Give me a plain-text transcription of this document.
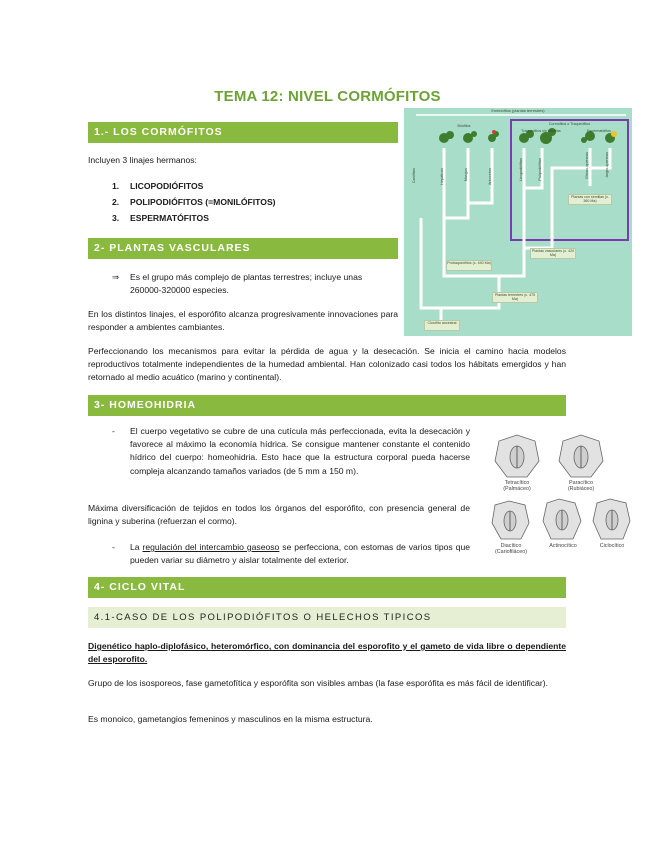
TEMA 12: NIVEL CORMÓFITOS
1.- LOS CORMÓFITOS
Incluyen 3 linajes hermanos:
1. LICOPODIÓFITOS
2. POLIPODIÓFITOS (=MONILÓFITOS)
3. ESPERMATÓFITOS
2- PLANTAS VASCULARES
⇒ Es el grupo más complejo de plantas terrestres; incluye unas
260000-320000 especies.
En los distintos linajes, el esporófito alcanza progresivamente innovaciones para responder a ambientes cambiantes.
Perfeccionando los mecanismos para evitar la pérdida de agua y la desecación. Se inicia el camino hacia modelos reproductivos totalmente independientes de la humedad ambiental. Han colonizado casi todos los hábitats emergidos y han retornado al medio acuático (marino y continental).
Embriófitos (plantas terrestres)
Briófitos	Cormófitos o Traqueófitos
Traqueófitos sin semillas	Espermatófitos
Carófitas	Hepáticas	Musgos	Antoceros	Licopodiófitas	Polipodiófitas	Gimno-spermas	Angio-spermas
Plantas con semillas (c. 360 Ma)
Plantas vasculares (c. 420 Ma)
Protraqueófitos (c. 440 Ma)
Plantas terrestres (c. 475 Ma)
Clorófito ancestral
3- HOMEOHIDRIA
- El cuerpo vegetativo se cubre de una cutícula más perfeccionada, evita la desecación y favorece al máximo la economía hídrica. Se consigue mantener constante el contenido hídrico del cuerpo: homeohidria. Esto hace que la estructura corporal pueda hacerse compleja alcanzando tamaños variados (de 5 mm a 150 m).
Máxima diversificación de tejidos en todos los órganos del esporófito, con presencia general de lignina y suberina (refuerzan el cormo).
- La regulación del intercambio gaseoso se perfecciona, con estomas de varios tipos que pueden variar su diámetro y aislar totalmente del exterior.
Tetracítico
(Palmáceo)
Paracítico
(Rubiáceo)
Diacítico
(Cariofiláceo)
Actinocítico	Ciclocítico
4- CICLO VITAL
4.1-CASO DE LOS POLIPODIÓFITOS O HELECHOS TIPICOS
Digenético haplo-diplofásico, heteromórfico, con dominancia del esporofito y el gameto de vida libre o dependiente del esporofito.
Grupo de los isosporeos, fase gametofítica y esporófita son visibles ambas (la fase esporófita es más fácil de identificar).
Es monoico, gametangios femeninos y masculinos en la misma estructura.
